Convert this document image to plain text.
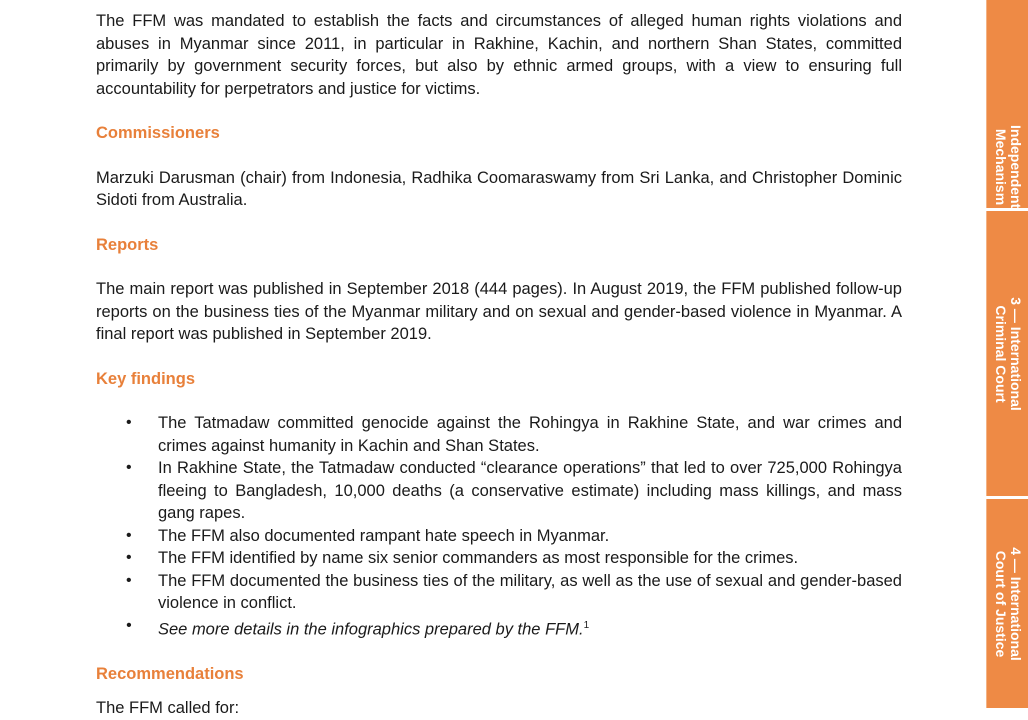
The FFM was mandated to establish the facts and circumstances of alleged human rights violations and abuses in Myanmar since 2011, in particular in Rakhine, Kachin, and northern Shan States, committed primarily by government security forces, but also by ethnic armed groups, with a view to ensuring full accountability for perpetrators and justice for victims.

Commissioners

Marzuki Darusman (chair) from Indonesia, Radhika Coomaraswamy from Sri Lanka, and Christopher Dominic Sidoti from Australia.

Reports

The main report was published in September 2018 (444 pages). In August 2019, the FFM published follow-up reports on the business ties of the Myanmar military and on sexual and gender-based violence in Myanmar. A final report was published in September 2019.

Key findings
• The Tatmadaw committed genocide against the Rohingya in Rakhine State, and war crimes and crimes against humanity in Kachin and Shan States.
• In Rakhine State, the Tatmadaw conducted “clearance operations” that led to over 725,000 Rohingya fleeing to Bangladesh, 10,000 deaths (a conservative estimate) including mass killings, and mass gang rapes.
• The FFM also documented rampant hate speech in Myanmar.
• The FFM identified by name six senior commanders as most responsible for the crimes.
• The FFM documented the business ties of the military, as well as the use of sexual and gender-based violence in conflict.
• See more details in the infographics prepared by the FFM.$^1$
Recommendations

The FFM called for:

3 — International
Criminal Court
4 — International
Court of Justice
